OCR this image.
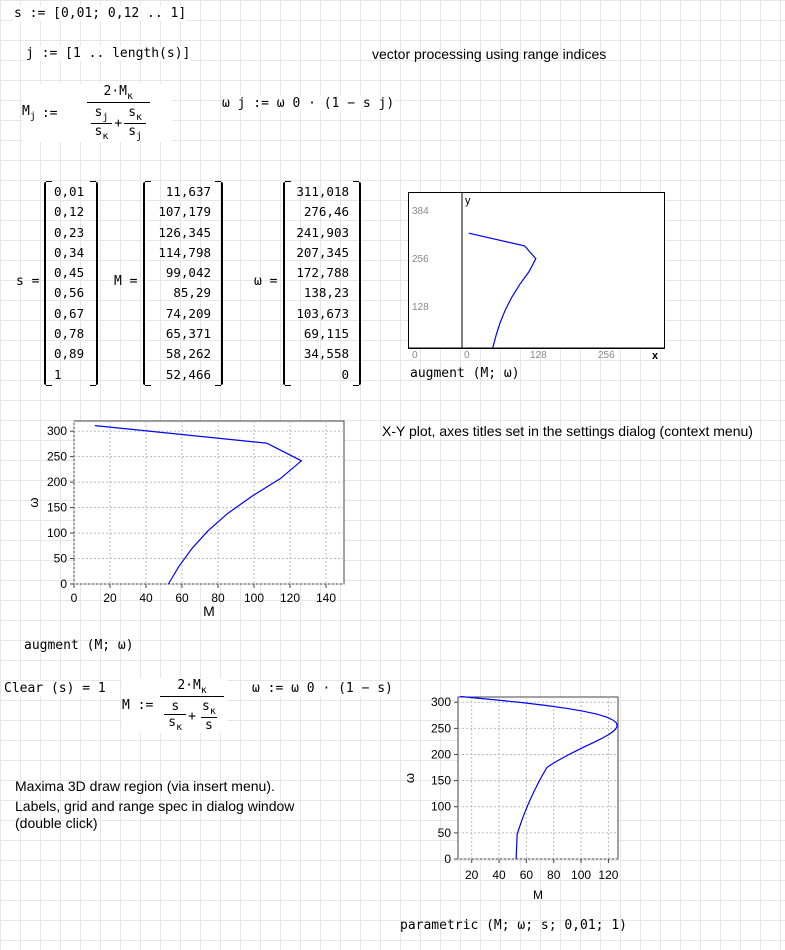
s := [0,01; 0,12 .. 1]
j := [1 .. length(s)]	vector processing using range indices
$M_j$ := $\frac{2\cdot M_к}{\frac{s_j}{s_к} + \frac{s_к}{s_j}}$	ω j := ω 0 · (1 − s j)
s =
0,01
0,12
0,23
0,34
0,45
0,56
0,67
0,78
0,89
1
M =
11,637
107,179
126,345
114,798
99,042
85,29
74,209
65,371
58,262
52,466
ω =
311,018
276,46
241,903
207,345
172,788
138,23
103,673
69,115
34,558
0
384
256
128
0	0	128	256
y
x
augment (M; ω)
X-Y plot, axes titles set in the settings dialog (context menu)
0 20 40 60 80 100 120 140
0
50
100
150
200
250
300
M
ω
augment (M; ω)
Clear (s) = 1
M := $\frac{2\cdot M_к}{\frac{s}{s_к} + \frac{s_к}{s}}$ ω := ω 0 · (1 − s)
Maxima 3D draw region (via insert menu).
Labels, grid and range spec in dialog window
(double click)
20 40 60 80 100 120
0
50
100
150
200
250
300
M
ω
parametric (M; ω; s; 0,01; 1)
